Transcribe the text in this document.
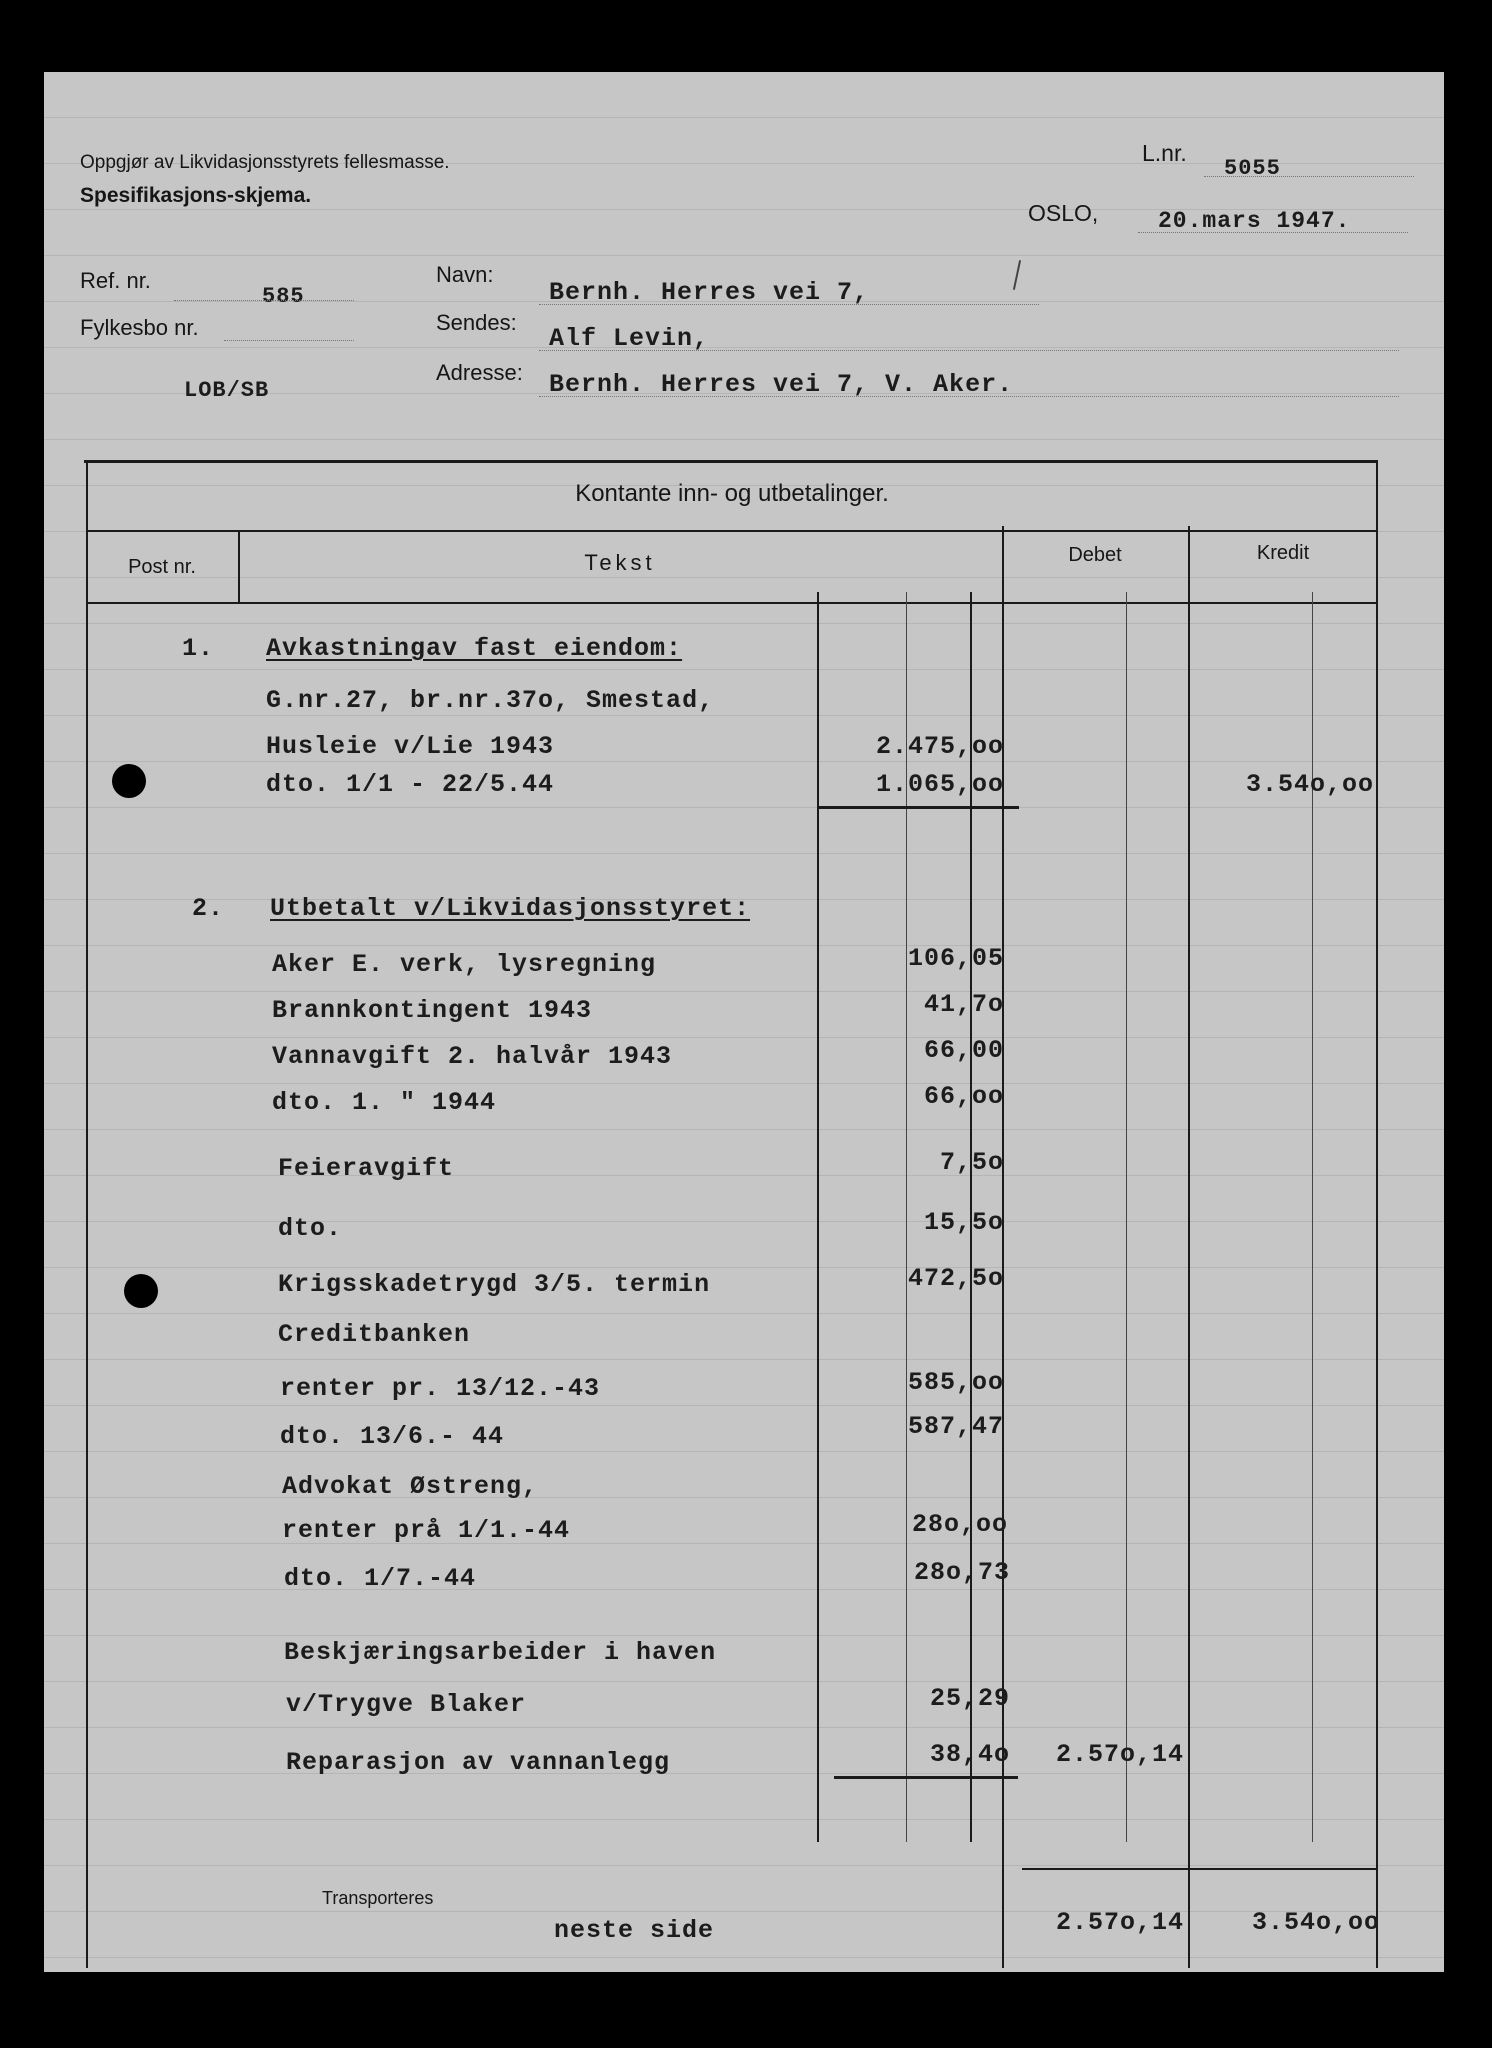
Oppgjør av Likvidasjonsstyrets fellesmasse.
Spesifikasjons-skjema.
L.nr.
5055
OSLO,	20.mars 1947.
Ref. nr.
585
Fylkesbo nr.
LOB/SB
Navn:
Bernh. Herres vei 7,
Sendes:
Alf Levin,
Adresse: Bernh. Herres vei 7, V. Aker.
Kontante inn- og utbetalinger.
Post nr.	Tekst	Debet	Kredit
1. Avkastningav fast eiendom:
G.nr.27, br.nr.37o, Smestad,
Husleie v/Lie 1943	2.475,oo
dto. 1/1 - 22/5.44	1.065,oo	3.54o,oo
2. Utbetalt v/Likvidasjonsstyret:
Aker E. verk, lysregning	106,05
Brannkontingent 1943	41,7o
Vannavgift 2. halvår 1943	66,00
dto. 1. " 1944	66,oo
Feieravgift	7,5o
dto.	15,5o
Krigsskadetrygd 3/5. termin	472,5o
Creditbanken
renter pr. 13/12.-43	585,oo
dto. 13/6.- 44	587,47
Advokat Østreng,
renter prå 1/1.-44	28o,oo
dto. 1/7.-44	28o,73
Beskjæringsarbeider i haven
v/Trygve Blaker	25,29
Reparasjon av vannanlegg	38,4o	2.57o,14
Transporteres
neste side	2.57o,14	3.54o,oo
